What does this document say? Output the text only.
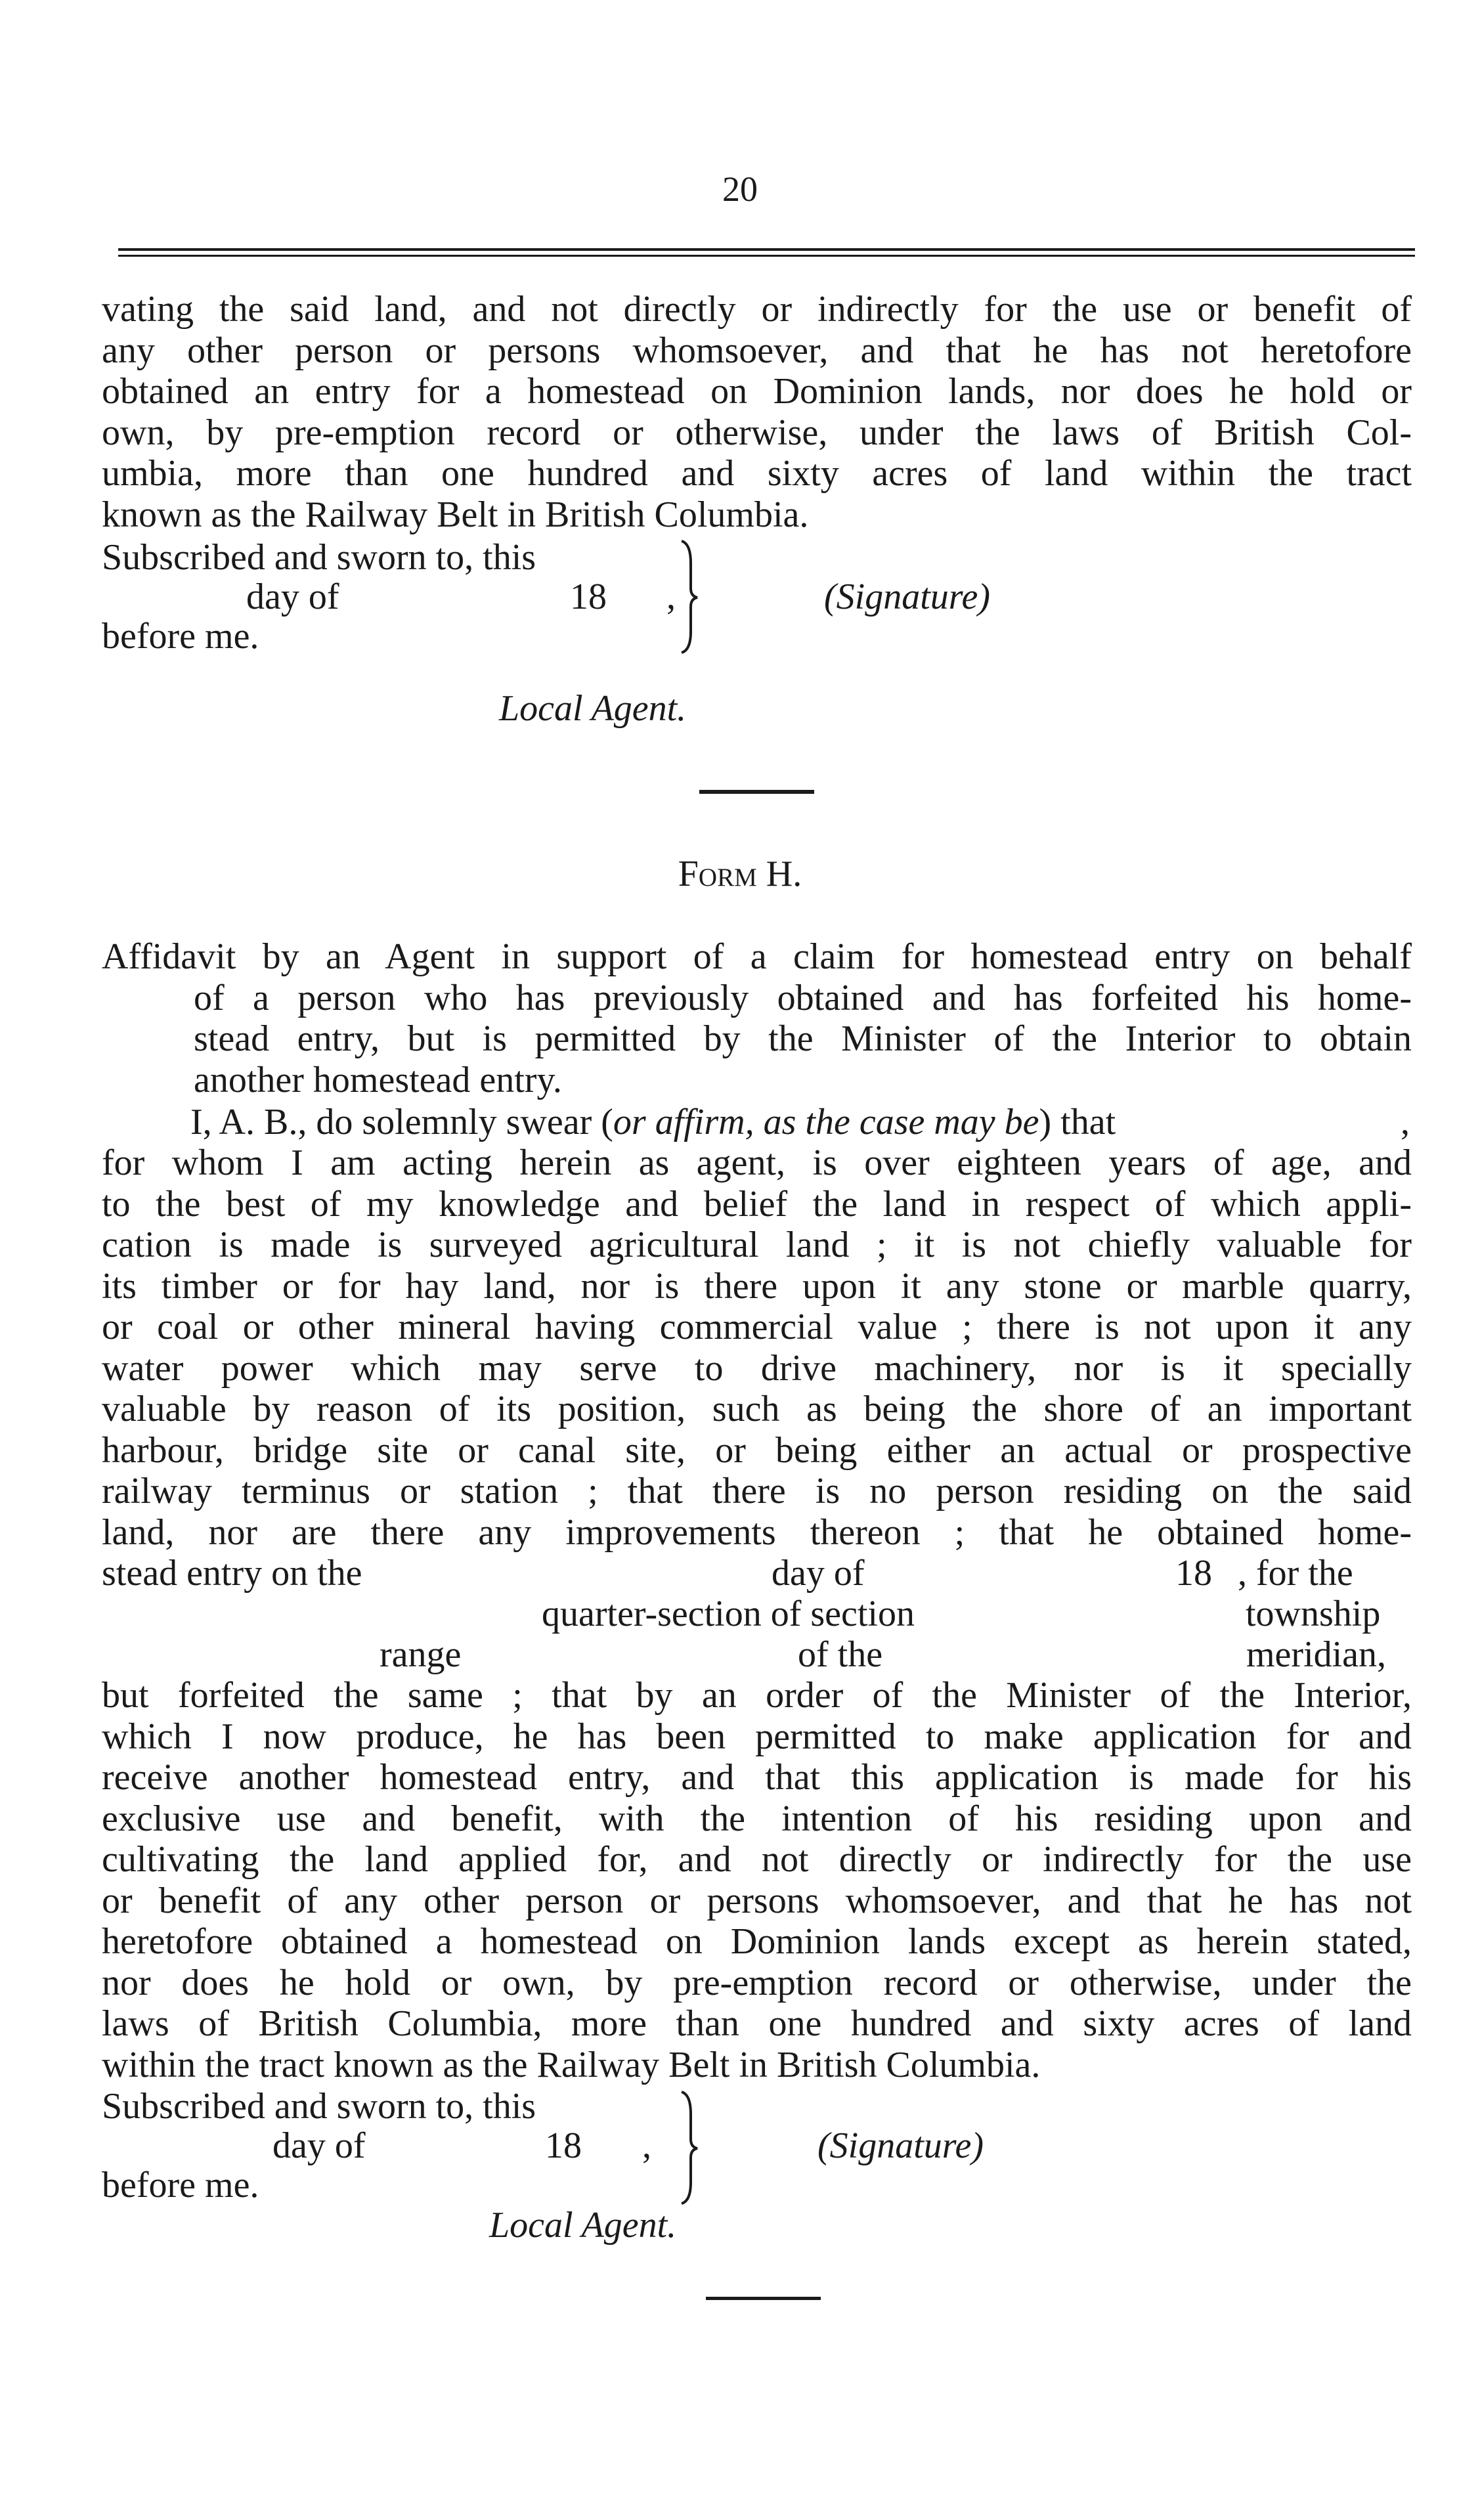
20
vating the said land, and not directly or indirectly for the use or benefit of
any other person or persons whomsoever, and that he has not heretofore
obtained an entry for a homestead on Dominion lands, nor does he hold or
own, by pre-emption record or otherwise, under the laws of British Col-
umbia, more than one hundred and sixty acres of land within the tract
known as the Railway Belt in British Columbia.
Subscribed and sworn to, this
day of	18 ,
before me.
(Signature)
Local Agent.
Form H.
Affidavit by an Agent in support of a claim for homestead entry on behalf
of a person who has previously obtained and has forfeited his home-
stead entry, but is permitted by the Minister of the Interior to obtain
another homestead entry.
I, A. B., do solemnly swear (or affirm, as the case may be) that	,
for whom I am acting herein as agent, is over eighteen years of age, and
to the best of my knowledge and belief the land in respect of which appli-
cation is made is surveyed agricultural land ; it is not chiefly valuable for
its timber or for hay land, nor is there upon it any stone or marble quarry,
or coal or other mineral having commercial value ; there is not upon it any
water power which may serve to drive machinery, nor is it specially
valuable by reason of its position, such as being the shore of an important
harbour, bridge site or canal site, or being either an actual or prospective
railway terminus or station ; that there is no person residing on the said
land, nor are there any improvements thereon ; that he obtained home-
stead entry on the	day of	18 , for the
quarter-section of section	township
range	of the	meridian,
but forfeited the same ; that by an order of the Minister of the Interior,
which I now produce, he has been permitted to make application for and
receive another homestead entry, and that this application is made for his
exclusive use and benefit, with the intention of his residing upon and
cultivating the land applied for, and not directly or indirectly for the use
or benefit of any other person or persons whomsoever, and that he has not
heretofore obtained a homestead on Dominion lands except as herein stated,
nor does he hold or own, by pre-emption record or otherwise, under the
laws of British Columbia, more than one hundred and sixty acres of land
within the tract known as the Railway Belt in British Columbia.
Subscribed and sworn to, this
day of	18 ,
before me.
(Signature)
Local Agent.
